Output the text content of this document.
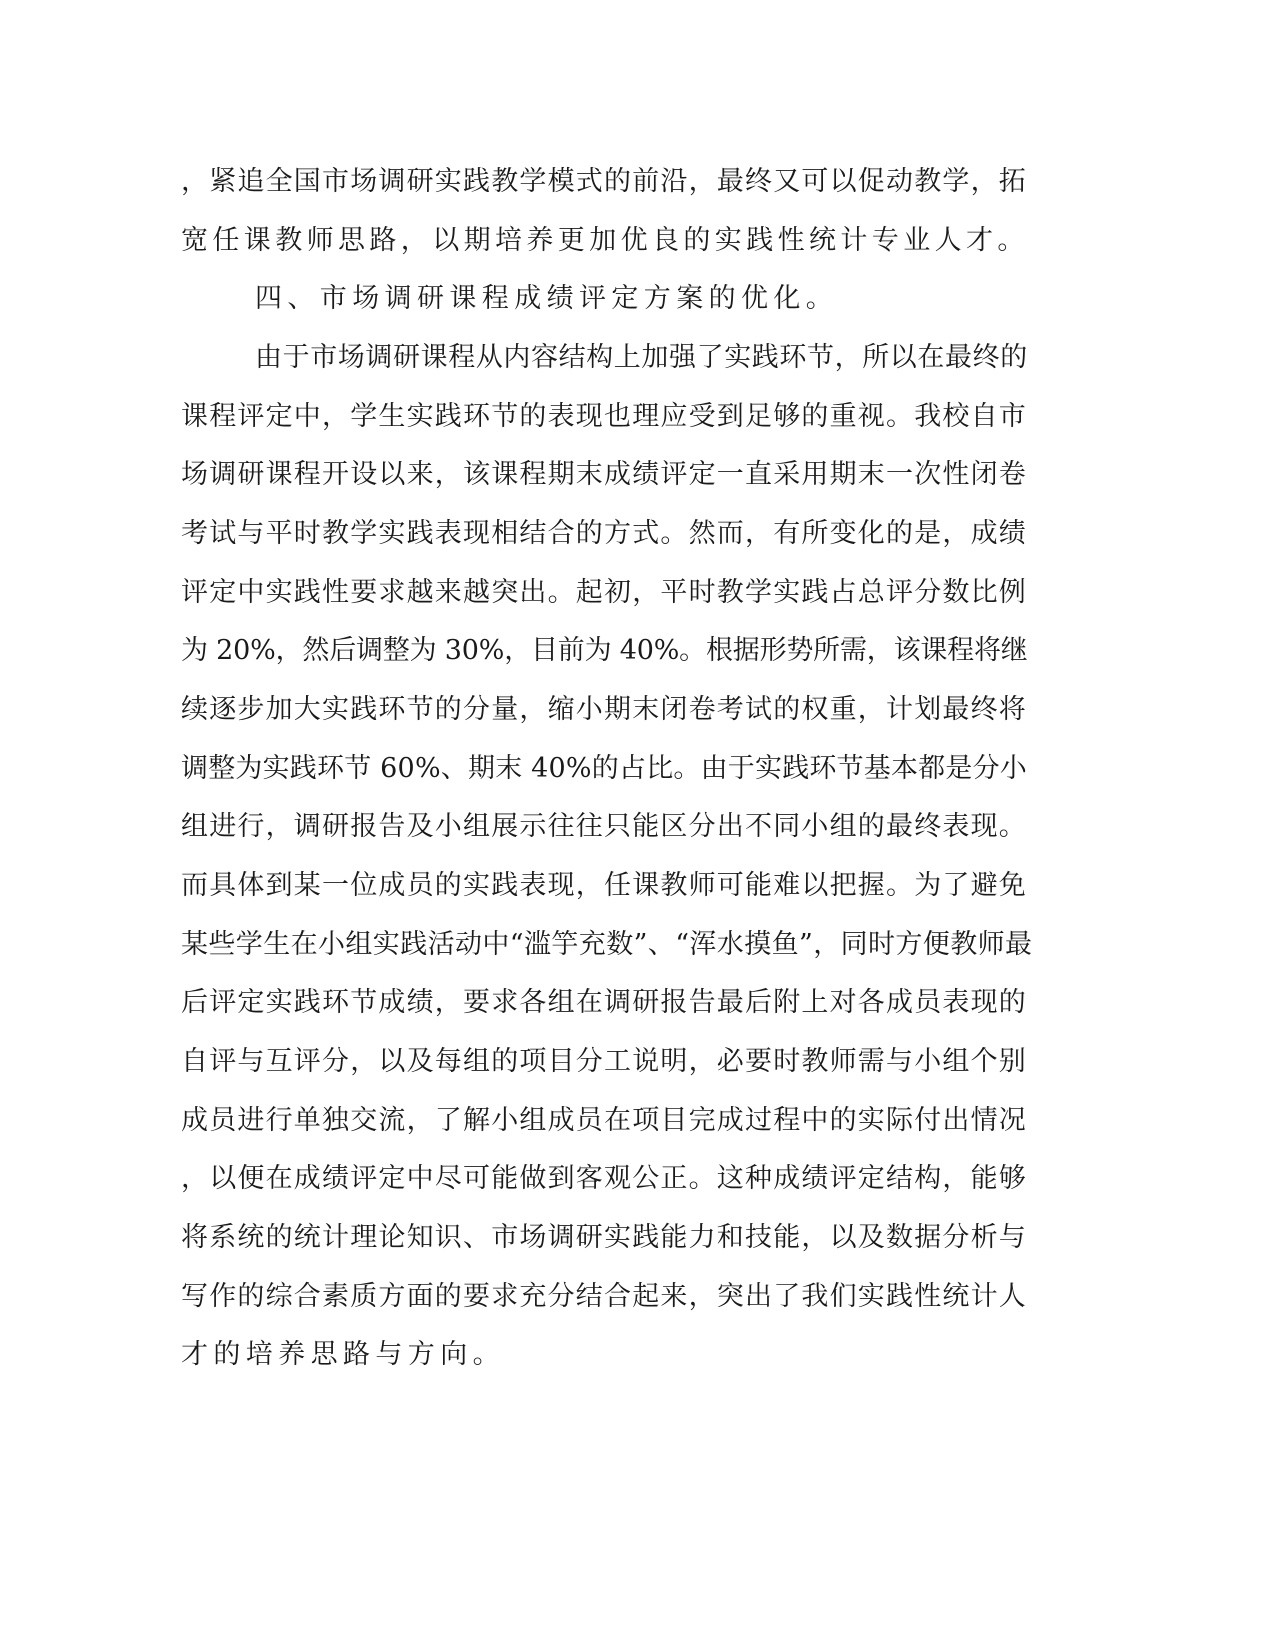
，紧追全国市场调研实践教学模式的前沿，最终又可以促动教学，拓
宽任课教师思路，以期培养更加优良的实践性统计专业人才。
四、市场调研课程成绩评定方案的优化。
由于市场调研课程从内容结构上加强了实践环节，所以在最终的
课程评定中，学生实践环节的表现也理应受到足够的重视。我校自市
场调研课程开设以来，该课程期末成绩评定一直采用期末一次性闭卷
考试与平时教学实践表现相结合的方式。然而，有所变化的是，成绩
评定中实践性要求越来越突出。起初，平时教学实践占总评分数比例
为 20%，然后调整为 30%，目前为 40%。根据形势所需，该课程将继
续逐步加大实践环节的分量，缩小期末闭卷考试的权重，计划最终将
调整为实践环节 60%、期末 40%的占比。由于实践环节基本都是分小
组进行，调研报告及小组展示往往只能区分出不同小组的最终表现。
而具体到某一位成员的实践表现，任课教师可能难以把握。为了避免
某些学生在小组实践活动中“滥竽充数”、“浑水摸鱼”，同时方便教师最
后评定实践环节成绩，要求各组在调研报告最后附上对各成员表现的
自评与互评分，以及每组的项目分工说明，必要时教师需与小组个别
成员进行单独交流，了解小组成员在项目完成过程中的实际付出情况
，以便在成绩评定中尽可能做到客观公正。这种成绩评定结构，能够
将系统的统计理论知识、市场调研实践能力和技能，以及数据分析与
写作的综合素质方面的要求充分结合起来，突出了我们实践性统计人
才的培养思路与方向。
